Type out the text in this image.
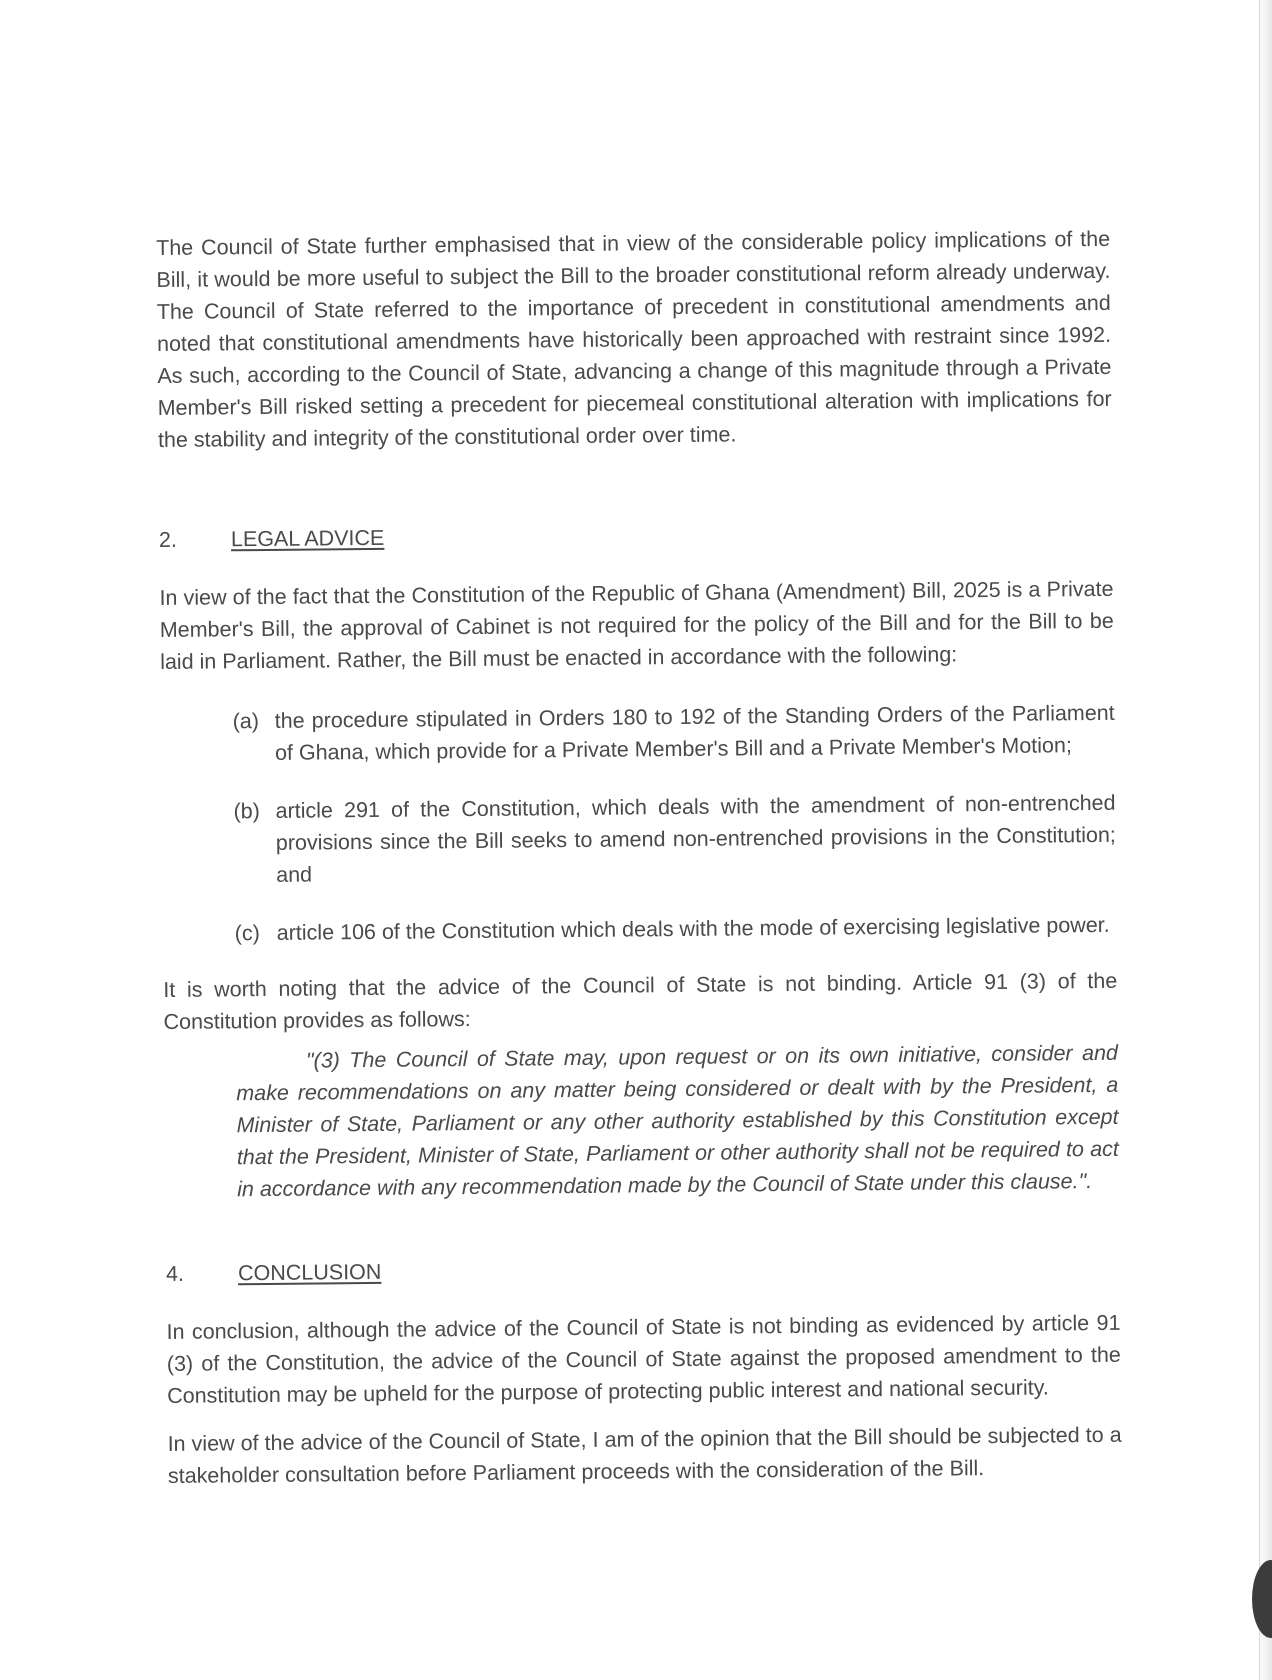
The Council of State further emphasised that in view of the considerable policy implications of the Bill, it would be more useful to subject the Bill to the broader constitutional reform already underway. The Council of State referred to the importance of precedent in constitutional amendments and noted that constitutional amendments have historically been approached with restraint since 1992. As such, according to the Council of State, advancing a change of this magnitude through a Private Member's Bill risked setting a precedent for piecemeal constitutional alteration with implications for the stability and integrity of the constitutional order over time.

2.	LEGAL ADVICE

In view of the fact that the Constitution of the Republic of Ghana (Amendment) Bill, 2025 is a Private Member's Bill, the approval of Cabinet is not required for the policy of the Bill and for the Bill to be laid in Parliament. Rather, the Bill must be enacted in accordance with the following:

(a) the procedure stipulated in Orders 180 to 192 of the Standing Orders of the Parliament of Ghana, which provide for a Private Member's Bill and a Private Member's Motion;
(b) article 291 of the Constitution, which deals with the amendment of non-entrenched provisions since the Bill seeks to amend non-entrenched provisions in the Constitution; and
(c) article 106 of the Constitution which deals with the mode of exercising legislative power.

It is worth noting that the advice of the Council of State is not binding. Article 91 (3) of the Constitution provides as follows:

"(3) The Council of State may, upon request or on its own initiative, consider and make recommendations on any matter being considered or dealt with by the President, a Minister of State, Parliament or any other authority established by this Constitution except that the President, Minister of State, Parliament or other authority shall not be required to act in accordance with any recommendation made by the Council of State under this clause.".

4.	CONCLUSION

In conclusion, although the advice of the Council of State is not binding as evidenced by article 91 (3) of the Constitution, the advice of the Council of State against the proposed amendment to the Constitution may be upheld for the purpose of protecting public interest and national security.

In view of the advice of the Council of State, I am of the opinion that the Bill should be subjected to a stakeholder consultation before Parliament proceeds with the consideration of the Bill.
